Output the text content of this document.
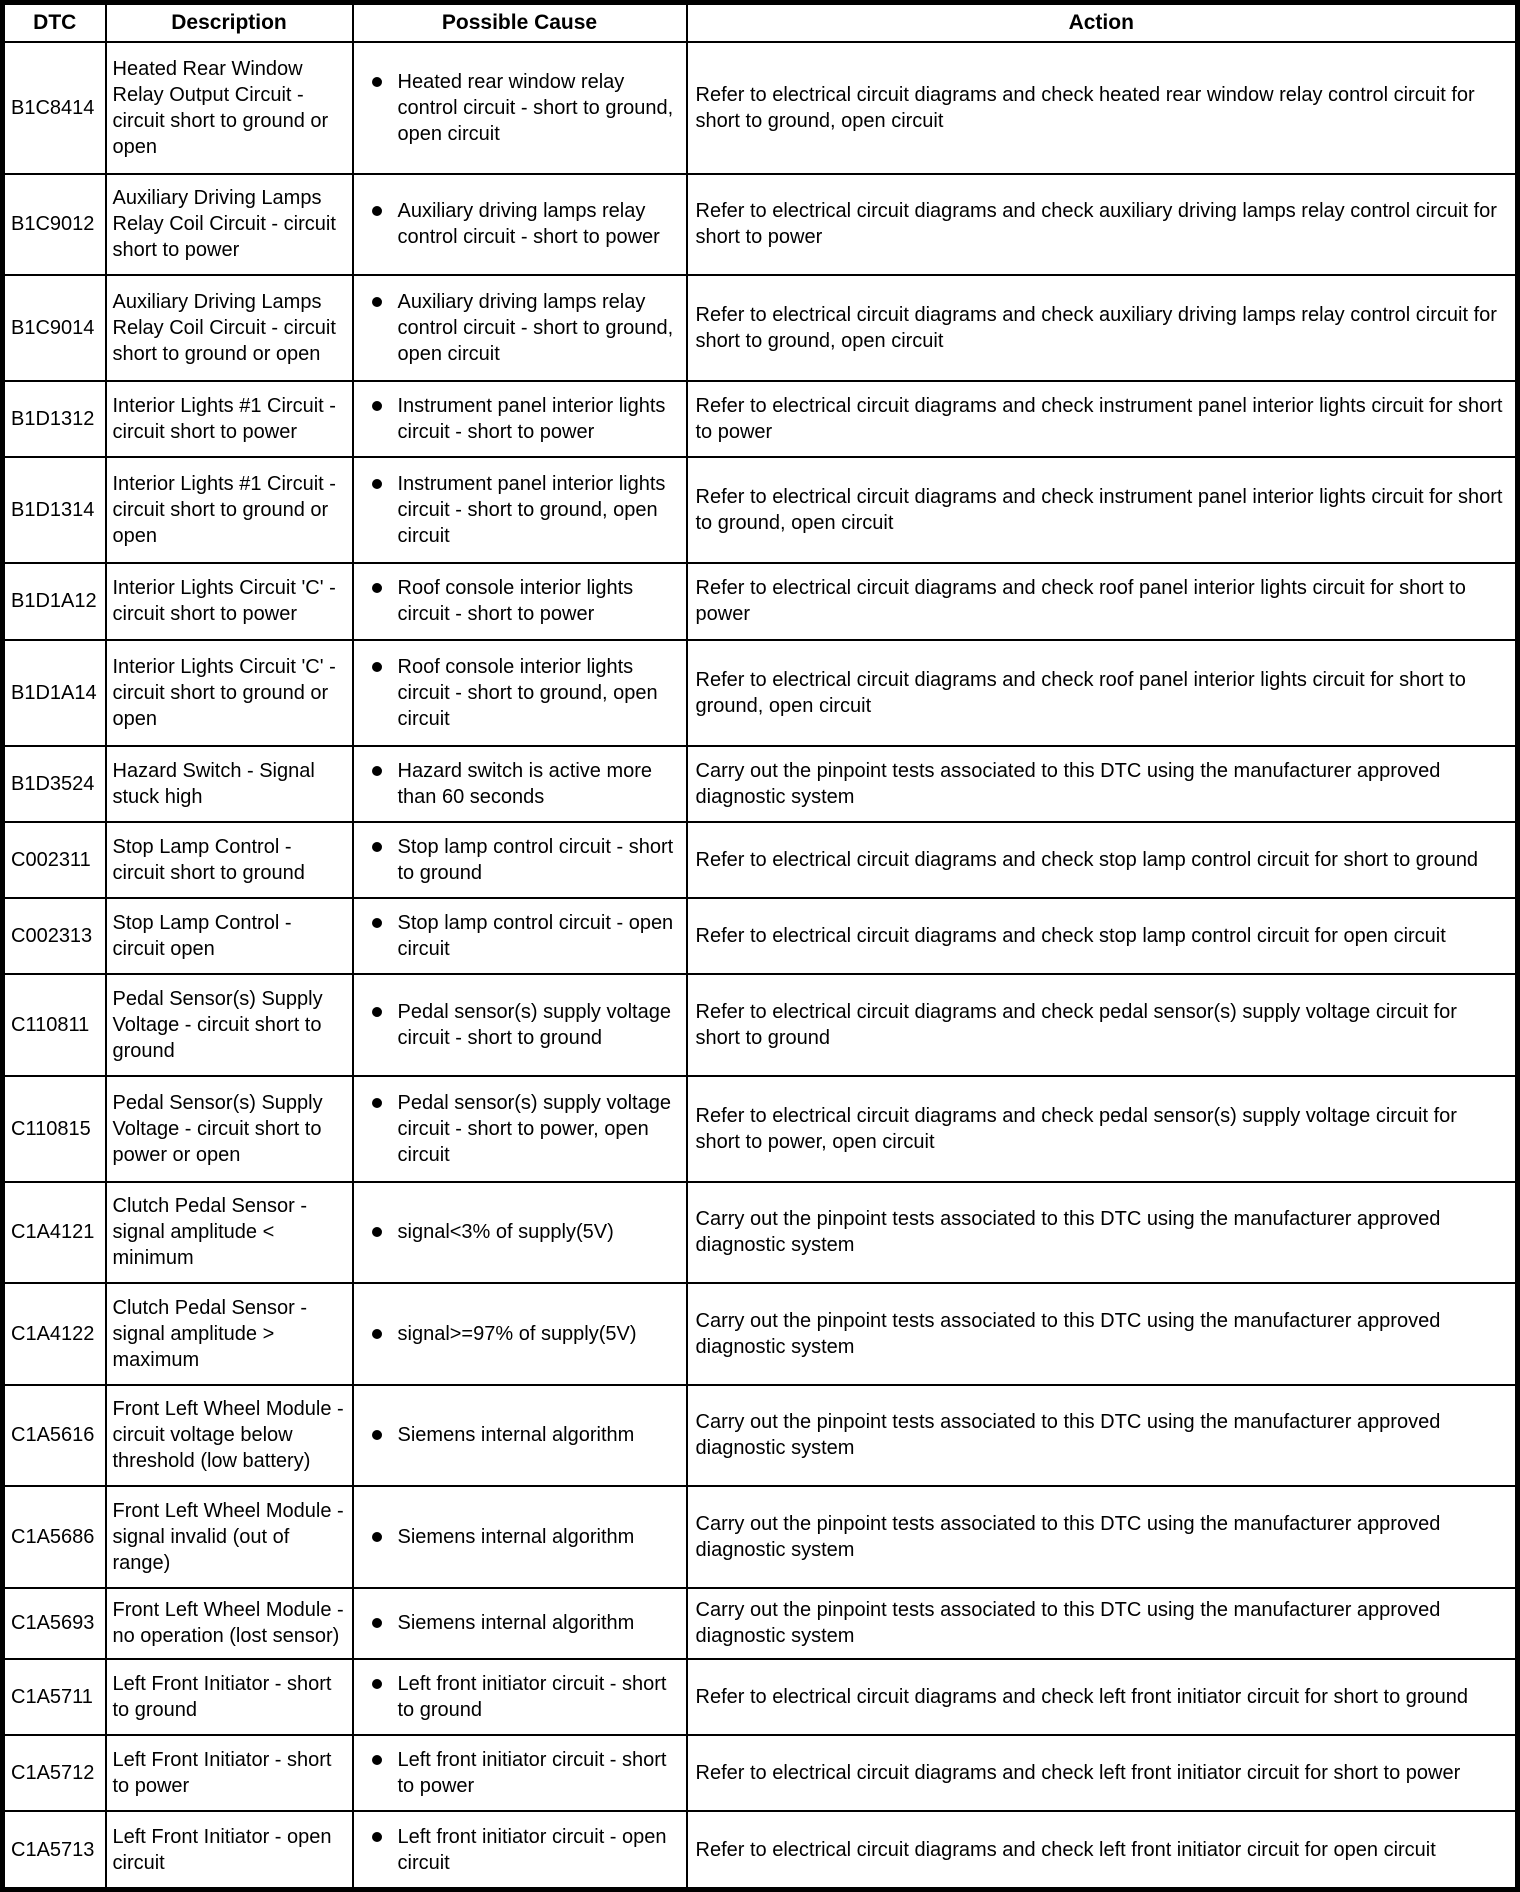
DTC	Description	Possible Cause	Action
B1C8414	Heated Rear Window Relay Output Circuit - circuit short to ground or open	Heated rear window relay control circuit - short to ground, open circuit	Refer to electrical circuit diagrams and check heated rear window relay control circuit for short to ground, open circuit
B1C9012	Auxiliary Driving Lamps Relay Coil Circuit - circuit short to power	Auxiliary driving lamps relay control circuit - short to power	Refer to electrical circuit diagrams and check auxiliary driving lamps relay control circuit for short to power
B1C9014	Auxiliary Driving Lamps Relay Coil Circuit - circuit short to ground or open	Auxiliary driving lamps relay control circuit - short to ground, open circuit	Refer to electrical circuit diagrams and check auxiliary driving lamps relay control circuit for short to ground, open circuit
B1D1312	Interior Lights #1 Circuit - circuit short to power	Instrument panel interior lights circuit - short to power	Refer to electrical circuit diagrams and check instrument panel interior lights circuit for short to power
B1D1314	Interior Lights #1 Circuit - circuit short to ground or open	Instrument panel interior lights circuit - short to ground, open circuit	Refer to electrical circuit diagrams and check instrument panel interior lights circuit for short to ground, open circuit
B1D1A12	Interior Lights Circuit 'C' - circuit short to power	Roof console interior lights circuit - short to power	Refer to electrical circuit diagrams and check roof panel interior lights circuit for short to power
B1D1A14	Interior Lights Circuit 'C' - circuit short to ground or open	Roof console interior lights circuit - short to ground, open circuit	Refer to electrical circuit diagrams and check roof panel interior lights circuit for short to ground, open circuit
B1D3524	Hazard Switch - Signal stuck high	Hazard switch is active more than 60 seconds	Carry out the pinpoint tests associated to this DTC using the manufacturer approved diagnostic system
C002311	Stop Lamp Control - circuit short to ground	Stop lamp control circuit - short to ground	Refer to electrical circuit diagrams and check stop lamp control circuit for short to ground
C002313	Stop Lamp Control - circuit open	Stop lamp control circuit - open circuit	Refer to electrical circuit diagrams and check stop lamp control circuit for open circuit
C110811	Pedal Sensor(s) Supply Voltage - circuit short to ground	Pedal sensor(s) supply voltage circuit - short to ground	Refer to electrical circuit diagrams and check pedal sensor(s) supply voltage circuit for short to ground
C110815	Pedal Sensor(s) Supply Voltage - circuit short to power or open	Pedal sensor(s) supply voltage circuit - short to power, open circuit	Refer to electrical circuit diagrams and check pedal sensor(s) supply voltage circuit for short to power, open circuit
C1A4121	Clutch Pedal Sensor - signal amplitude < minimum	signal<3% of supply(5V)	Carry out the pinpoint tests associated to this DTC using the manufacturer approved diagnostic system
C1A4122	Clutch Pedal Sensor - signal amplitude > maximum	signal>=97% of supply(5V)	Carry out the pinpoint tests associated to this DTC using the manufacturer approved diagnostic system
C1A5616	Front Left Wheel Module - circuit voltage below threshold (low battery)	Siemens internal algorithm	Carry out the pinpoint tests associated to this DTC using the manufacturer approved diagnostic system
C1A5686	Front Left Wheel Module - signal invalid (out of range)	Siemens internal algorithm	Carry out the pinpoint tests associated to this DTC using the manufacturer approved diagnostic system
C1A5693	Front Left Wheel Module - no operation (lost sensor)	Siemens internal algorithm	Carry out the pinpoint tests associated to this DTC using the manufacturer approved diagnostic system
C1A5711	Left Front Initiator - short to ground	Left front initiator circuit - short to ground	Refer to electrical circuit diagrams and check left front initiator circuit for short to ground
C1A5712	Left Front Initiator - short to power	Left front initiator circuit - short to power	Refer to electrical circuit diagrams and check left front initiator circuit for short to power
C1A5713	Left Front Initiator - open circuit	Left front initiator circuit - open circuit	Refer to electrical circuit diagrams and check left front initiator circuit for open circuit
